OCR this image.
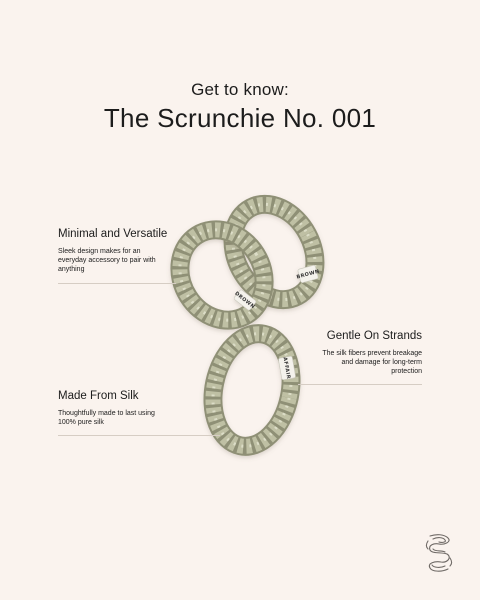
Get to know:
The Scrunchie No. 001
BROWN
DROWN
AFFAIR
Minimal and Versatile

Sleek design makes for an everyday accessory to pair with anything

Gentle On Strands

The silk fibers prevent breakage and damage for long-term protection

Made From Silk

Thoughtfully made to last using 100% pure silk
